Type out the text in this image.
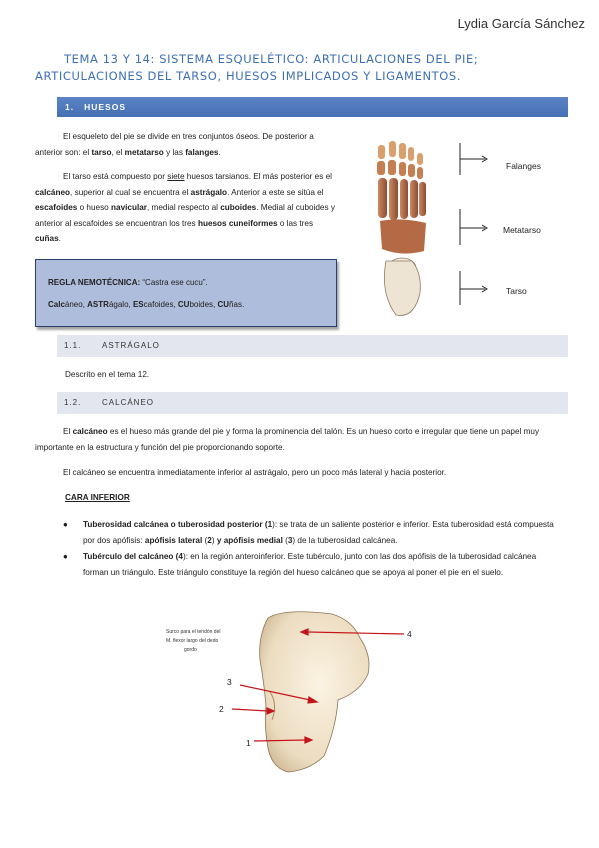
Lydia García Sánchez
TEMA 13 Y 14: SISTEMA ESQUELÉTICO: ARTICULACIONES DEL PIE;
ARTICULACIONES DEL TARSO, HUESOS IMPLICADOS Y LIGAMENTOS.
1. HUESOS
El esqueleto del pie se divide en tres conjuntos óseos. De posterior a anterior son: el tarso, el metatarso y las falanges.
El tarso está compuesto por siete huesos tarsianos. El más posterior es el calcáneo, superior al cual se encuentra el astrágalo. Anterior a este se sitúa el escafoides o hueso navicular, medial respecto al cuboides. Medial al cuboides y anterior al escafoides se encuentran los tres huesos cuneiformes o las tres cuñas.
REGLA NEMOTÉCNICA: “Castra ese cucu”.
Calcáneo, ASTRágalo, EScafoides, CUboides, CUñas.
Falanges
Metatarso
Tarso
1.1.	ASTRÁGALO
Descrito en el tema 12.
1.2.	CALCÁNEO
El calcáneo es el hueso más grande del pie y forma la prominencia del talón. Es un hueso corto e irregular que tiene un papel muy importante en la estructura y función del pie proporcionando soporte.
El calcáneo se encuentra inmediatamente inferior al astrágalo, pero un poco más lateral y hacia posterior.
CARA INFERIOR
● Tuberosidad calcánea o tuberosidad posterior (1): se trata de un saliente posterior e inferior. Esta tuberosidad está compuesta por dos apófisis: apófisis lateral (2) y apófisis medial (3) de la tuberosidad calcánea.
● Tubérculo del calcáneo (4): en la región anteroinferior. Este tubérculo, junto con las dos apófisis de la tuberosidad calcánea forman un triángulo. Este triángulo constituye la región del hueso calcáneo que se apoya al poner el pie en el suelo.
Surco para el tendón del
M. flexor largo del dedo
gordo
4
3
2
1
